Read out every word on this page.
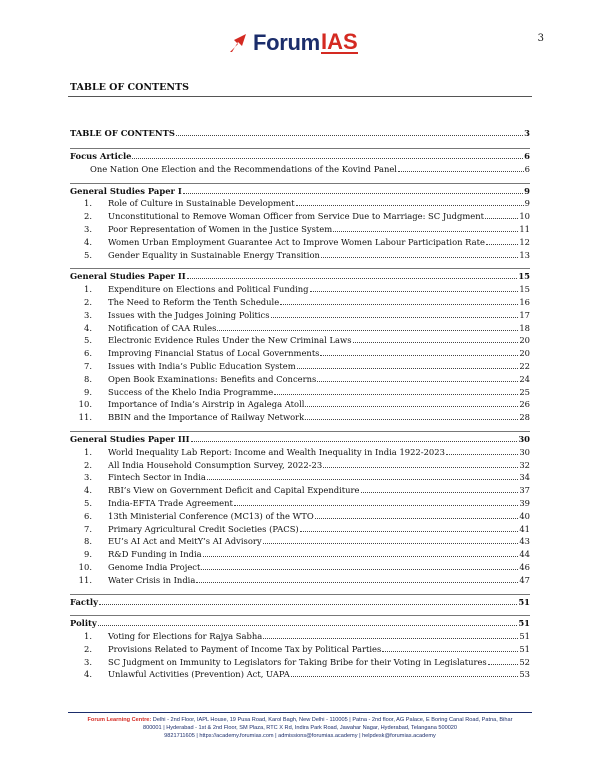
Forum IAS	3
TABLE OF CONTENTS
TABLE OF CONTENTS	3
Focus Article	6
One Nation One Election and the Recommendations of the Kovind Panel	6
General Studies Paper I	9
1.	Role of Culture in Sustainable Development	9
2.	Unconstitutional to Remove Woman Officer from Service Due to Marriage: SC Judgment	10
3.	Poor Representation of Women in the Justice System	11
4.	Women Urban Employment Guarantee Act to Improve Women Labour Participation Rate	12
5.	Gender Equality in Sustainable Energy Transition	13
General Studies Paper II	15
1.	Expenditure on Elections and Political Funding	15
2.	The Need to Reform the Tenth Schedule	16
3.	Issues with the Judges Joining Politics	17
4.	Notification of CAA Rules	18
5.	Electronic Evidence Rules Under the New Criminal Laws	20
6.	Improving Financial Status of Local Governments	20
7.	Issues with India’s Public Education System	22
8.	Open Book Examinations: Benefits and Concerns	24
9.	Success of the Khelo India Programme	25
10.	Importance of India’s Airstrip in Agalega Atoll	26
11.	BBIN and the Importance of Railway Network	28
General Studies Paper III	30
1.	World Inequality Lab Report: Income and Wealth Inequality in India 1922-2023	30
2.	All India Household Consumption Survey, 2022-23	32
3.	Fintech Sector in India	34
4.	RBI’s View on Government Deficit and Capital Expenditure	37
5.	India-EFTA Trade Agreement	39
6.	13th Ministerial Conference (MC13) of the WTO	40
7.	Primary Agricultural Credit Societies (PACS)	41
8.	EU’s AI Act and MeitY’s AI Advisory	43
9.	R&D Funding in India	44
10.	Genome India Project	46
11.	Water Crisis in India	47
Factly	51
Polity	51
1.	Voting for Elections for Rajya Sabha	51
2.	Provisions Related to Payment of Income Tax by Political Parties	51
3.	SC Judgment on Immunity to Legislators for Taking Bribe for their Voting in Legislatures	52
4.	Unlawful Activities (Prevention) Act, UAPA	53
Forum Learning Centre: Delhi - 2nd Floor, IAPL House, 19 Pusa Road, Karol Bagh, New Delhi - 110005 | Patna - 2nd floor, AG Palace, E Boring Canal Road, Patna, Bihar 800001 | Hyderabad - 1st & 2nd Floor, SM Plaza, RTC X Rd, Indira Park Road, Jawahar Nagar, Hyderabad, Telangana 500020
9821711605 | https://academy.forumias.com | admissions@forumias.academy | helpdesk@forumias.academy
